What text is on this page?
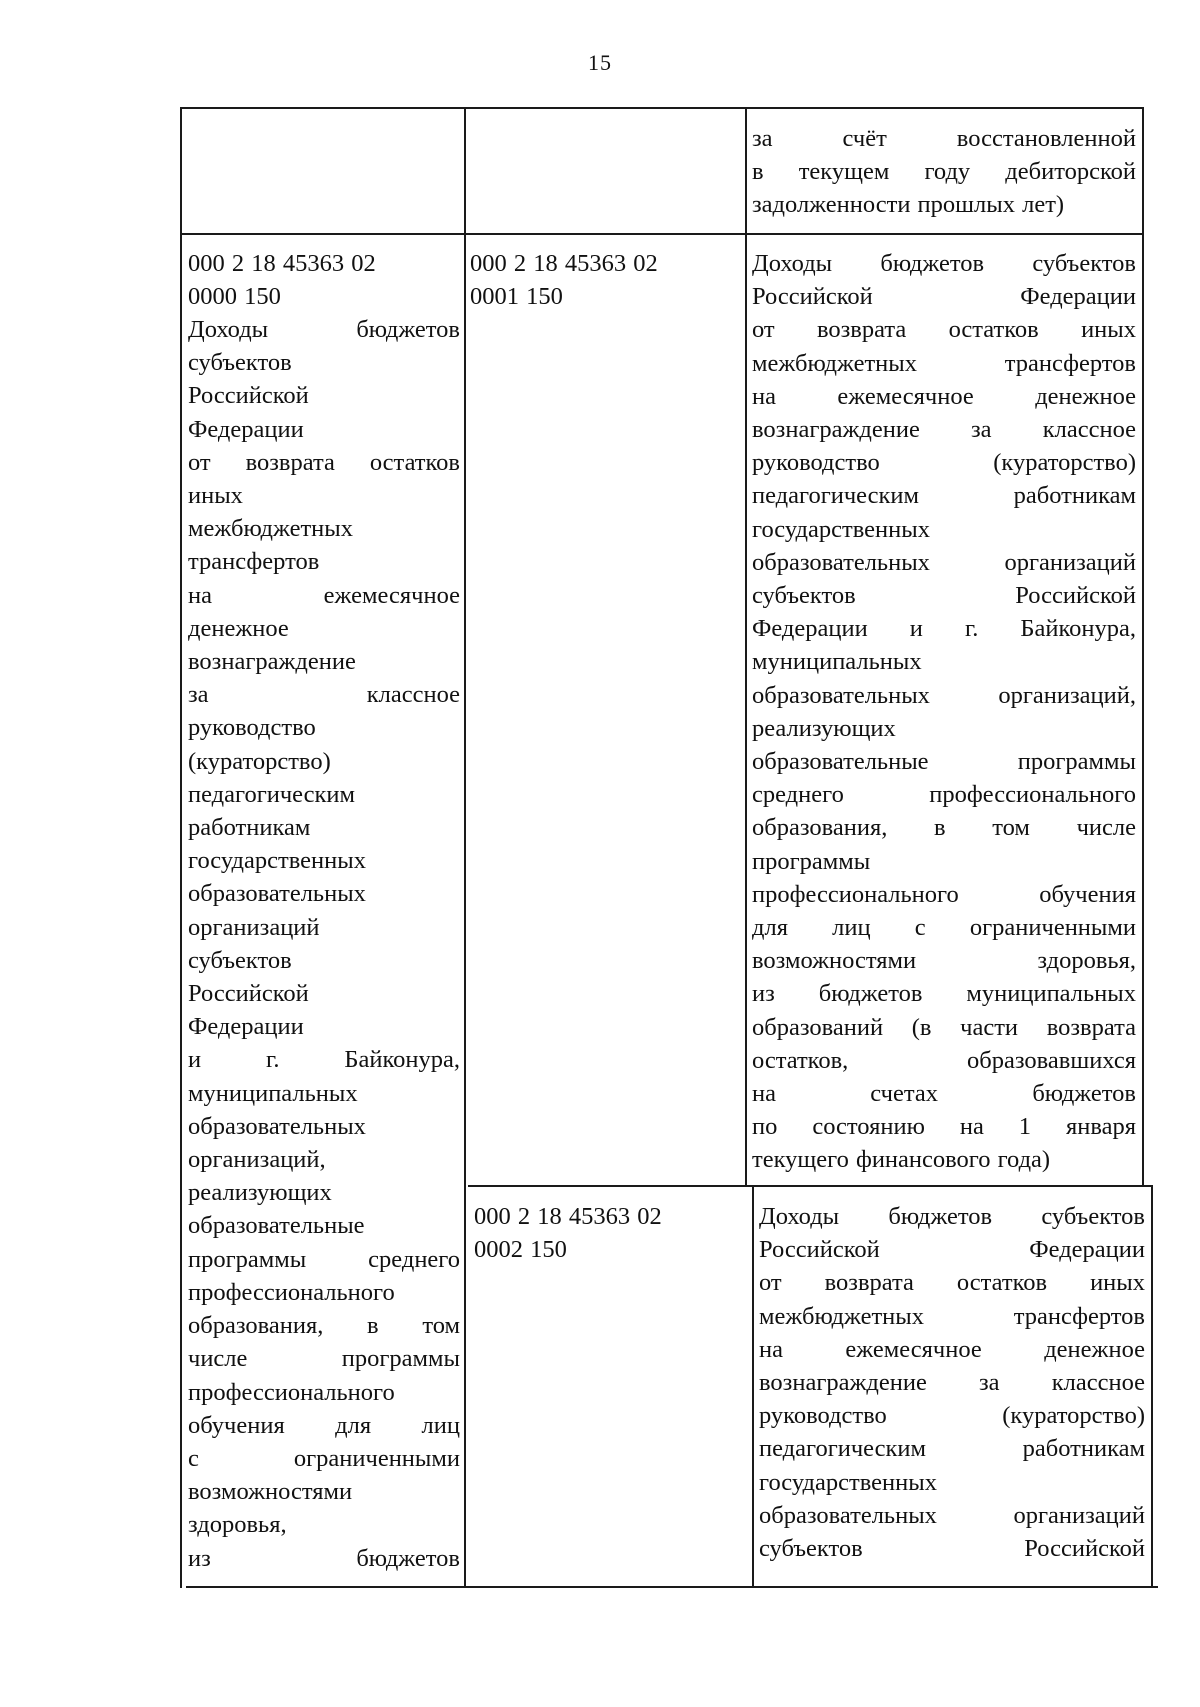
15
за счёт восстановленной
в текущем году дебиторской
задолженности прошлых лет)
000 2 18 45363 02
0000 150
Доходы бюджетов
субъектов
Российской
Федерации
от возврата остатков
иных
межбюджетных
трансфертов
на ежемесячное
денежное
вознаграждение
за классное
руководство
(кураторство)
педагогическим
работникам
государственных
образовательных
организаций
субъектов
Российской
Федерации
и г. Байконура,
муниципальных
образовательных
организаций,
реализующих
образовательные
программы среднего
профессионального
образования, в том
числе программы
профессионального
обучения для лиц
с ограниченными
возможностями
здоровья,
из бюджетов
000 2 18 45363 02
0001 150
Доходы бюджетов субъектов
Российской Федерации
от возврата остатков иных
межбюджетных трансфертов
на ежемесячное денежное
вознаграждение за классное
руководство (кураторство)
педагогическим работникам
государственных
образовательных организаций
субъектов Российской
Федерации и г. Байконура,
муниципальных
образовательных организаций,
реализующих
образовательные программы
среднего профессионального
образования, в том числе
программы
профессионального обучения
для лиц с ограниченными
возможностями здоровья,
из бюджетов муниципальных
образований (в части возврата
остатков, образовавшихся
на счетах бюджетов
по состоянию на 1 января
текущего финансового года)
000 2 18 45363 02
0002 150
Доходы бюджетов субъектов
Российской Федерации
от возврата остатков иных
межбюджетных трансфертов
на ежемесячное денежное
вознаграждение за классное
руководство (кураторство)
педагогическим работникам
государственных
образовательных организаций
субъектов Российской
